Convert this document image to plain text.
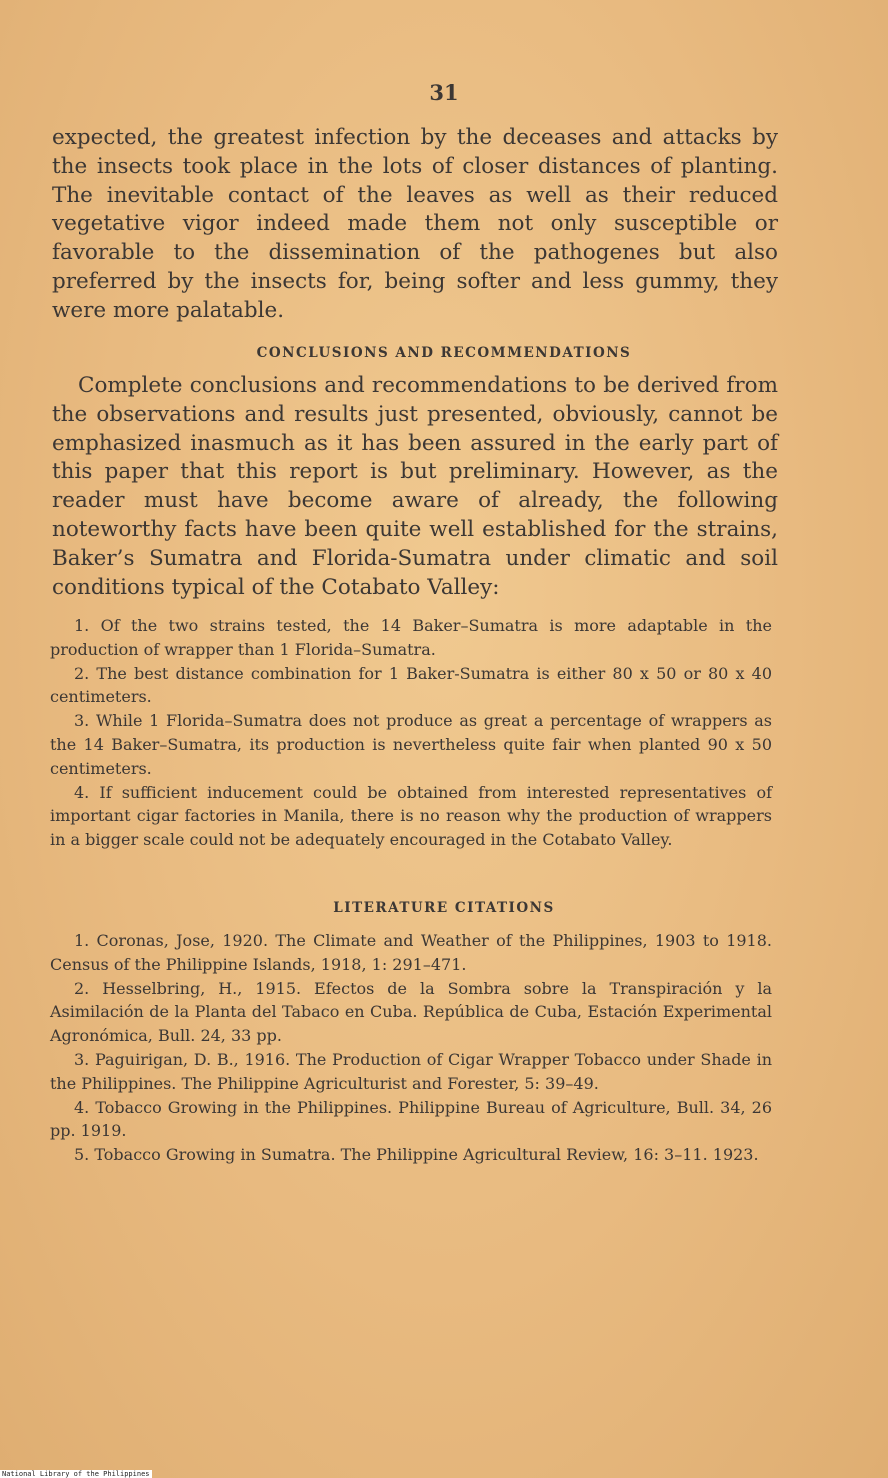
31

expected, the greatest infection by the deceases and attacks by the insects took place in the lots of closer distances of planting. The inevitable contact of the leaves as well as their reduced vegetative vigor indeed made them not only susceptible or favorable to the dissemination of the pathogenes but also preferred by the insects for, being softer and less gummy, they were more palatable.

CONCLUSIONS AND RECOMMENDATIONS

Complete conclusions and recommendations to be derived from the observations and results just presented, obviously, cannot be emphasized inasmuch as it has been assured in the early part of this paper that this report is but preliminary. However, as the reader must have become aware of already, the following noteworthy facts have been quite well established for the strains, Baker’s Sumatra and Florida-Sumatra under climatic and soil conditions typical of the Cotabato Valley:

1. Of the two strains tested, the 14 Baker–Sumatra is more adaptable in the production of wrapper than 1 Florida–Sumatra.
2. The best distance combination for 1 Baker-Sumatra is either 80 x 50 or 80 x 40 centimeters.
3. While 1 Florida–Sumatra does not produce as great a percentage of wrappers as the 14 Baker–Sumatra, its production is nevertheless quite fair when planted 90 x 50 centimeters.
4. If sufficient inducement could be obtained from interested representatives of important cigar factories in Manila, there is no reason why the production of wrappers in a bigger scale could not be adequately encouraged in the Cotabato Valley.
LITERATURE CITATIONS
1. Coronas, Jose, 1920. The Climate and Weather of the Philippines, 1903 to 1918. Census of the Philippine Islands, 1918, 1: 291–471.
2. Hesselbring, H., 1915. Efectos de la Sombra sobre la Transpiración y la Asimilación de la Planta del Tabaco en Cuba. República de Cuba, Estación Experimental Agronómica, Bull. 24, 33 pp.
3. Paguirigan, D. B., 1916. The Production of Cigar Wrapper Tobacco under Shade in the Philippines. The Philippine Agriculturist and Forester, 5: 39–49.
4. Tobacco Growing in the Philippines. Philippine Bureau of Agriculture, Bull. 34, 26 pp. 1919.
5. Tobacco Growing in Sumatra. The Philippine Agricultural Review, 16: 3–11. 1923.
National Library of the Philippines
